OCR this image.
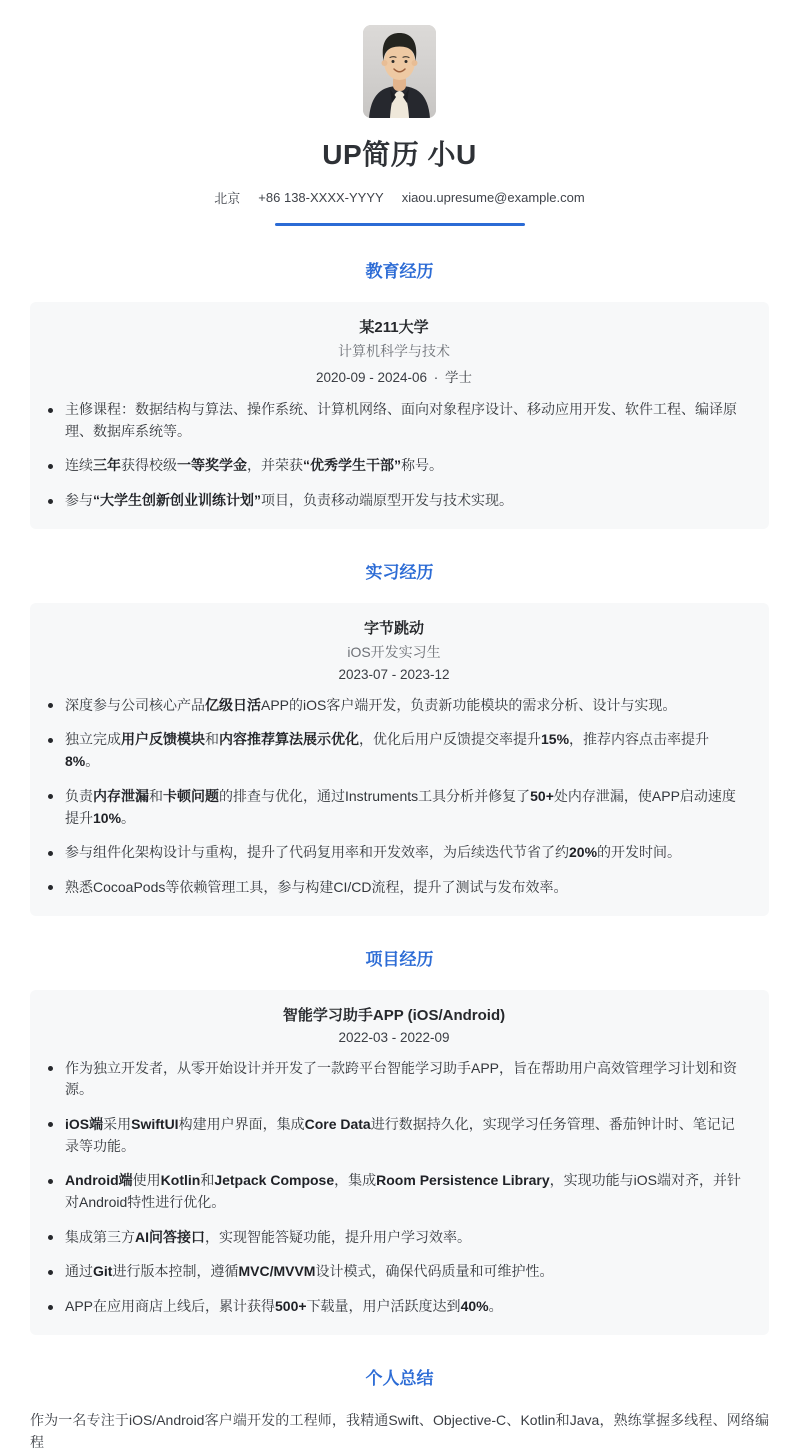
UP简历 小U
北京 +86 138-XXXX-YYYY xiaou.upresume@example.com
教育经历
某211大学
计算机科学与技术
2020-09 - 2024-06 · 学士
主修课程：数据结构与算法、操作系统、计算机网络、面向对象程序设计、移动应用开发、软件工程、编译原理、数据库系统等。
连续三年获得校级一等奖学金，并荣获“优秀学生干部”称号。
参与“大学生创新创业训练计划”项目，负责移动端原型开发与技术实现。
实习经历
字节跳动
iOS开发实习生
2023-07 - 2023-12
深度参与公司核心产品亿级日活APP的iOS客户端开发，负责新功能模块的需求分析、设计与实现。
独立完成用户反馈模块和内容推荐算法展示优化，优化后用户反馈提交率提升15%，推荐内容点击率提升8%。
负责内存泄漏和卡顿问题的排查与优化，通过Instruments工具分析并修复了50+处内存泄漏，使APP启动速度提升10%。
参与组件化架构设计与重构，提升了代码复用率和开发效率，为后续迭代节省了约20%的开发时间。
熟悉CocoaPods等依赖管理工具，参与构建CI/CD流程，提升了测试与发布效率。
项目经历
智能学习助手APP (iOS/Android)
2022-03 - 2022-09
作为独立开发者，从零开始设计并开发了一款跨平台智能学习助手APP，旨在帮助用户高效管理学习计划和资源。
iOS端采用SwiftUI构建用户界面，集成Core Data进行数据持久化，实现学习任务管理、番茄钟计时、笔记记录等功能。
Android端使用Kotlin和Jetpack Compose，集成Room Persistence Library，实现功能与iOS端对齐，并针对Android特性进行优化。
集成第三方AI问答接口，实现智能答疑功能，提升用户学习效率。
通过Git进行版本控制，遵循MVC/MVVM设计模式，确保代码质量和可维护性。
APP在应用商店上线后，累计获得500+下载量，用户活跃度达到40%。
个人总结

作为一名专注于iOS/Android客户端开发的工程师，我精通Swift、Objective-C、Kotlin和Java，熟练掌握多线程、网络编程
